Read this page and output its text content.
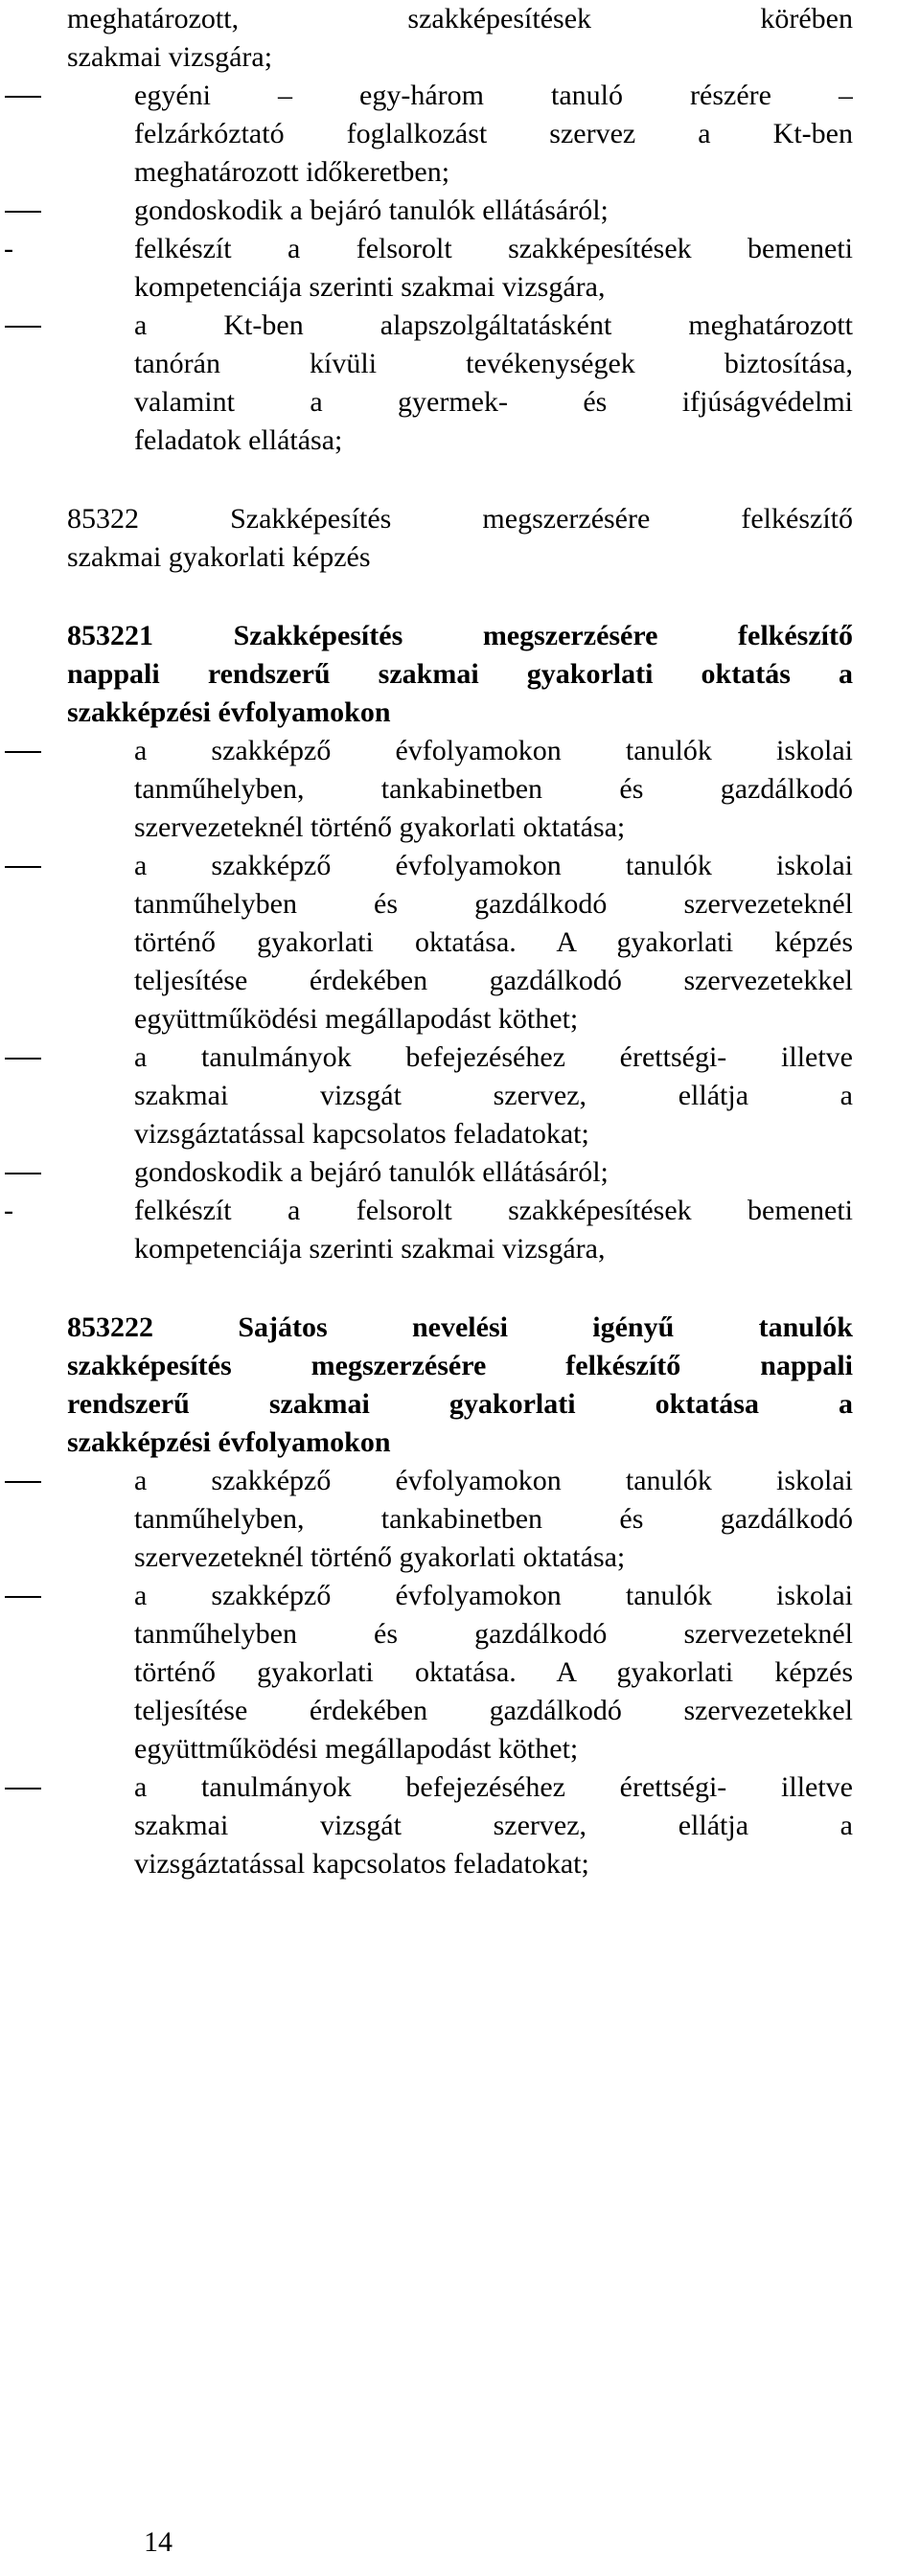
meghatározott, szakképesítések körében
szakmai vizsgára;
egyéni – egy-három tanuló részére –
felzárkóztató foglalkozást szervez a Kt-ben
meghatározott időkeretben;
gondoskodik a bejáró tanulók ellátásáról;
-	felkészít a felsorolt szakképesítések bemeneti
kompetenciája szerinti szakmai vizsgára,
a Kt-ben alapszolgáltatásként meghatározott
tanórán kívüli tevékenységek biztosítása,
valamint a gyermek- és ifjúságvédelmi
feladatok ellátása;
85322 Szakképesítés megszerzésére felkészítő
szakmai gyakorlati képzés
853221 Szakképesítés megszerzésére felkészítő
nappali rendszerű szakmai gyakorlati oktatás a
szakképzési évfolyamokon
a szakképző évfolyamokon tanulók iskolai
tanműhelyben, tankabinetben és gazdálkodó
szervezeteknél történő gyakorlati oktatása;
a szakképző évfolyamokon tanulók iskolai
tanműhelyben és gazdálkodó szervezeteknél
történő gyakorlati oktatása. A gyakorlati képzés
teljesítése érdekében gazdálkodó szervezetekkel
együttműködési megállapodást köthet;
a tanulmányok befejezéséhez érettségi- illetve
szakmai vizsgát szervez, ellátja a
vizsgáztatással kapcsolatos feladatokat;
gondoskodik a bejáró tanulók ellátásáról;
-	felkészít a felsorolt szakképesítések bemeneti
kompetenciája szerinti szakmai vizsgára,
853222 Sajátos nevelési igényű tanulók
szakképesítés megszerzésére felkészítő nappali
rendszerű szakmai gyakorlati oktatása a
szakképzési évfolyamokon
a szakképző évfolyamokon tanulók iskolai
tanműhelyben, tankabinetben és gazdálkodó
szervezeteknél történő gyakorlati oktatása;
a szakképző évfolyamokon tanulók iskolai
tanműhelyben és gazdálkodó szervezeteknél
történő gyakorlati oktatása. A gyakorlati képzés
teljesítése érdekében gazdálkodó szervezetekkel
együttműködési megállapodást köthet;
a tanulmányok befejezéséhez érettségi- illetve
szakmai vizsgát szervez, ellátja a
vizsgáztatással kapcsolatos feladatokat;
14
